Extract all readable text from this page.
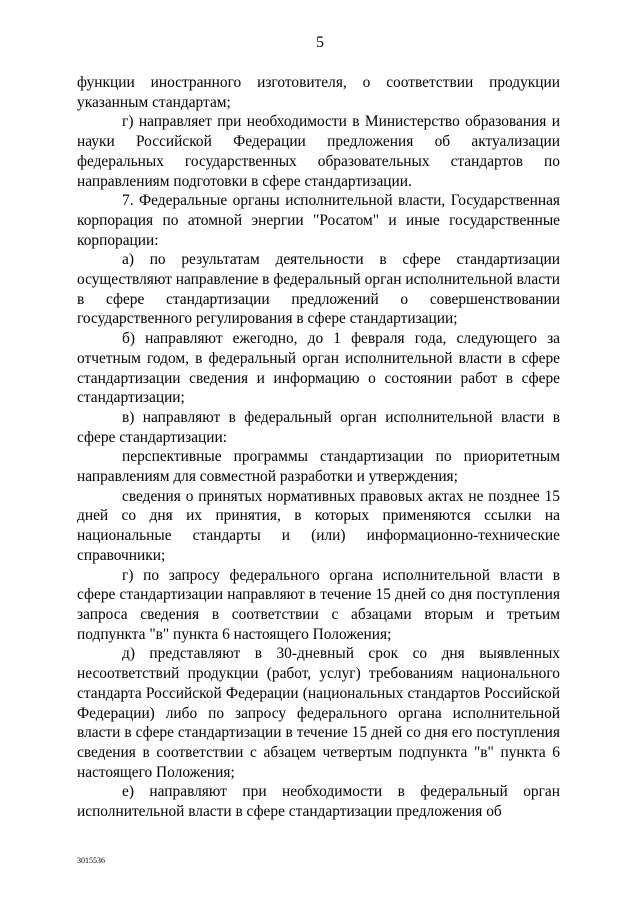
5

функции иностранного изготовителя, о соответствии продукции указанным стандартам;

г) направляет при необходимости в Министерство образования и науки Российской Федерации предложения об актуализации федеральных государственных образовательных стандартов по направлениям подготовки в сфере стандартизации.

7. Федеральные органы исполнительной власти, Государственная корпорация по атомной энергии "Росатом" и иные государственные корпорации:

а) по результатам деятельности в сфере стандартизации осуществляют направление в федеральный орган исполнительной власти в сфере стандартизации предложений о совершенствовании государственного регулирования в сфере стандартизации;

б) направляют ежегодно, до 1 февраля года, следующего за отчетным годом, в федеральный орган исполнительной власти в сфере стандартизации сведения и информацию о состоянии работ в сфере стандартизации;

в) направляют в федеральный орган исполнительной власти в сфере стандартизации:

перспективные программы стандартизации по приоритетным направлениям для совместной разработки и утверждения;

сведения о принятых нормативных правовых актах не позднее 15 дней со дня их принятия, в которых применяются ссылки на национальные стандарты и (или) информационно-технические справочники;

г) по запросу федерального органа исполнительной власти в сфере стандартизации направляют в течение 15 дней со дня поступления запроса сведения в соответствии с абзацами вторым и третьим подпункта "в" пункта 6 настоящего Положения;

д) представляют в 30-дневный срок со дня выявленных несоответствий продукции (работ, услуг) требованиям национального стандарта Российской Федерации (национальных стандартов Российской Федерации) либо по запросу федерального органа исполнительной власти в сфере стандартизации в течение 15 дней со дня его поступления сведения в соответствии с абзацем четвертым подпункта "в" пункта 6 настоящего Положения;

е) направляют при необходимости в федеральный орган исполнительной власти в сфере стандартизации предложения об

3015536
